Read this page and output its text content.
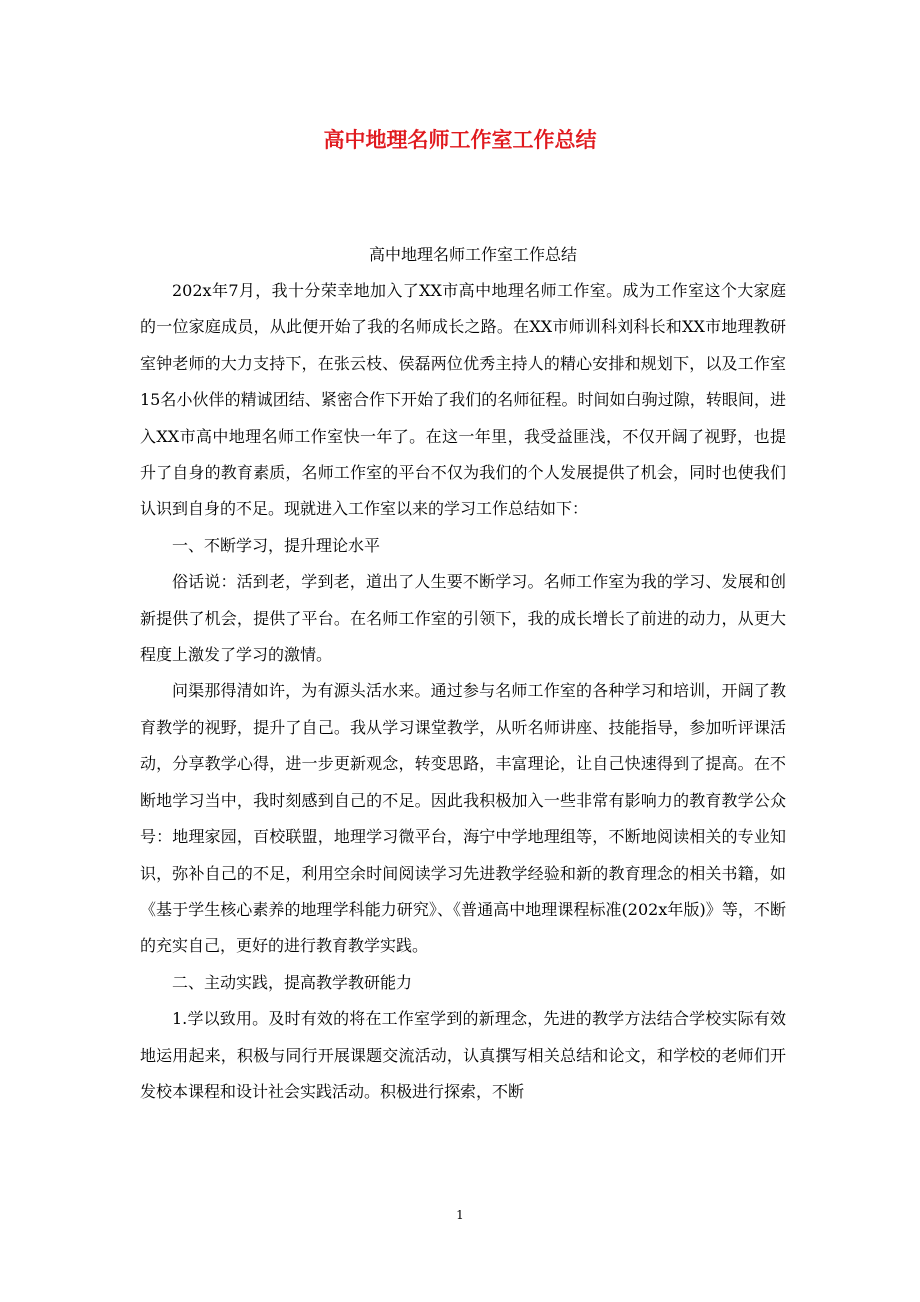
高中地理名师工作室工作总结
高中地理名师工作室工作总结

202x年7月，我十分荣幸地加入了XX市高中地理名师工作室。成为工作室这个大家庭的一位家庭成员，从此便开始了我的名师成长之路。在XX市师训科刘科长和XX市地理教研室钟老师的大力支持下，在张云枝、侯磊两位优秀主持人的精心安排和规划下，以及工作室15名小伙伴的精诚团结、紧密合作下开始了我们的名师征程。时间如白驹过隙，转眼间，进入XX市高中地理名师工作室快一年了。在这一年里，我受益匪浅，不仅开阔了视野，也提升了自身的教育素质，名师工作室的平台不仅为我们的个人发展提供了机会，同时也使我们认识到自身的不足。现就进入工作室以来的学习工作总结如下：

一、不断学习，提升理论水平

俗话说：活到老，学到老，道出了人生要不断学习。名师工作室为我的学习、发展和创新提供了机会，提供了平台。在名师工作室的引领下，我的成长增长了前进的动力，从更大程度上激发了学习的激情。

问渠那得清如许，为有源头活水来。通过参与名师工作室的各种学习和培训，开阔了教育教学的视野，提升了自己。我从学习课堂教学，从听名师讲座、技能指导，参加听评课活动，分享教学心得，进一步更新观念，转变思路，丰富理论，让自己快速得到了提高。在不断地学习当中，我时刻感到自己的不足。因此我积极加入一些非常有影响力的教育教学公众号：地理家园，百校联盟，地理学习微平台，海宁中学地理组等，不断地阅读相关的专业知识，弥补自己的不足，利用空余时间阅读学习先进教学经验和新的教育理念的相关书籍，如《基于学生核心素养的地理学科能力研究》、《普通高中地理课程标准(202x年版)》等，不断的充实自己，更好的进行教育教学实践。

二、主动实践，提高教学教研能力

1.学以致用。及时有效的将在工作室学到的新理念，先进的教学方法结合学校实际有效地运用起来，积极与同行开展课题交流活动，认真撰写相关总结和论文，和学校的老师们开发校本课程和设计社会实践活动。积极进行探索，不断

1
